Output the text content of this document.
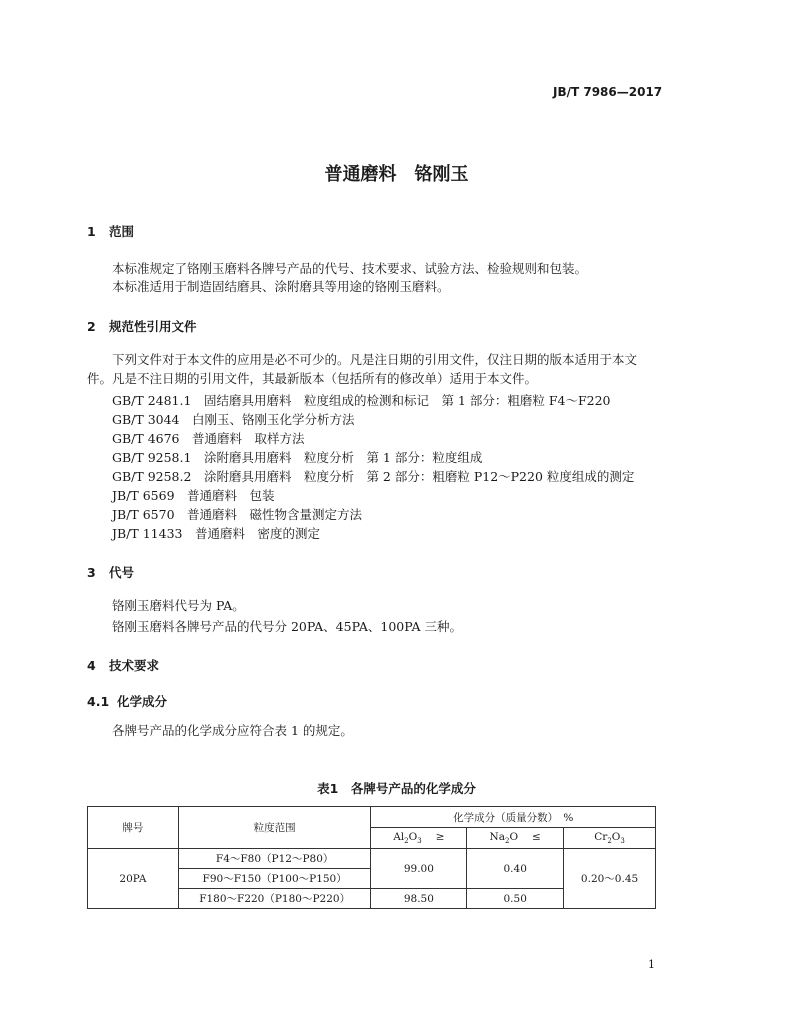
JB/T 7986—2017
普通磨料　铬刚玉
1 范围
本标准规定了铬刚玉磨料各牌号产品的代号、技术要求、试验方法、检验规则和包装。
本标准适用于制造固结磨具、涂附磨具等用途的铬刚玉磨料。
2 规范性引用文件
下列文件对于本文件的应用是必不可少的。凡是注日期的引用文件，仅注日期的版本适用于本文
件。凡是不注日期的引用文件，其最新版本（包括所有的修改单）适用于本文件。
GB/T 2481.1　 固结磨具用磨料　粒度组成的检测和标记　第 1 部分：粗磨粒 F4～F220
GB/T 3044　 白刚玉、铬刚玉化学分析方法
GB/T 4676　 普通磨料　取样方法
GB/T 9258.1　 涂附磨具用磨料　粒度分析　第 1 部分：粒度组成
GB/T 9258.2　 涂附磨具用磨料　粒度分析　第 2 部分：粗磨粒 P12～P220 粒度组成的测定
JB/T 6569　 普通磨料　包装
JB/T 6570　 普通磨料　磁性物含量测定方法
JB/T 11433　 普通磨料　密度的测定
3 代号
铬刚玉磨料代号为 PA。
铬刚玉磨料各牌号产品的代号分 20PA、45PA、100PA 三种。
4 技术要求
4.1 化学成分
各牌号产品的化学成分应符合表 1 的规定。
表1　各牌号产品的化学成分
牌号	粒度范围	化学成分（质量分数）　%		
		$Al_2O_3$ ≥	$Na_2O$ ≤	$Cr_2O_3$
20PA	F4～F80（P12～P80）	99.00	0.40	0.20～0.45
	F90～F150（P100～P150）			
	F180～F220（P180～P220）	98.50	0.50	
1
